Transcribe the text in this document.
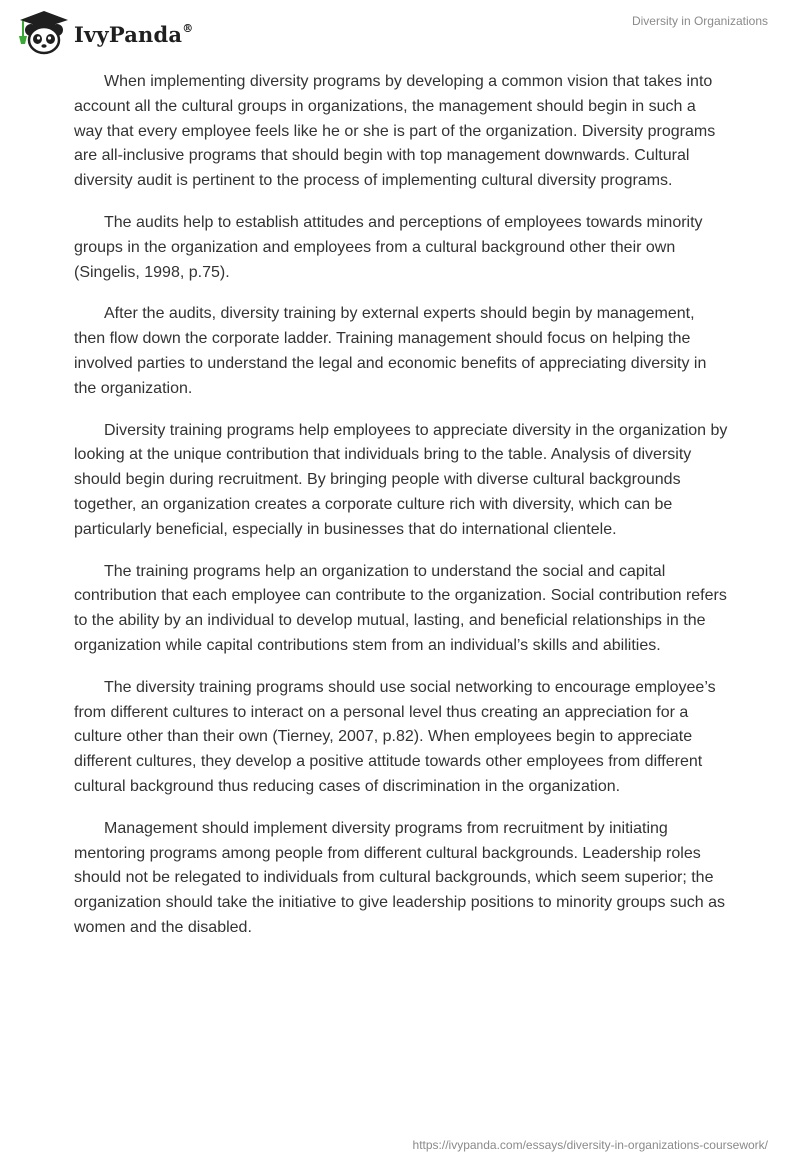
IvyPanda®	Diversity in Organizations

When implementing diversity programs by developing a common vision that takes into account all the cultural groups in organizations, the management should begin in such a way that every employee feels like he or she is part of the organization. Diversity programs are all-inclusive programs that should begin with top management downwards. Cultural diversity audit is pertinent to the process of implementing cultural diversity programs.

The audits help to establish attitudes and perceptions of employees towards minority groups in the organization and employees from a cultural background other their own (Singelis, 1998, p.75).

After the audits, diversity training by external experts should begin by management, then flow down the corporate ladder. Training management should focus on helping the involved parties to understand the legal and economic benefits of appreciating diversity in the organization.

Diversity training programs help employees to appreciate diversity in the organization by looking at the unique contribution that individuals bring to the table. Analysis of diversity should begin during recruitment. By bringing people with diverse cultural backgrounds together, an organization creates a corporate culture rich with diversity, which can be particularly beneficial, especially in businesses that do international clientele.

The training programs help an organization to understand the social and capital contribution that each employee can contribute to the organization. Social contribution refers to the ability by an individual to develop mutual, lasting, and beneficial relationships in the organization while capital contributions stem from an individual’s skills and abilities.

The diversity training programs should use social networking to encourage employee’s from different cultures to interact on a personal level thus creating an appreciation for a culture other than their own (Tierney, 2007, p.82). When employees begin to appreciate different cultures, they develop a positive attitude towards other employees from different cultural background thus reducing cases of discrimination in the organization.

Management should implement diversity programs from recruitment by initiating mentoring programs among people from different cultural backgrounds. Leadership roles should not be relegated to individuals from cultural backgrounds, which seem superior; the organization should take the initiative to give leadership positions to minority groups such as women and the disabled.

https://ivypanda.com/essays/diversity-in-organizations-coursework/
